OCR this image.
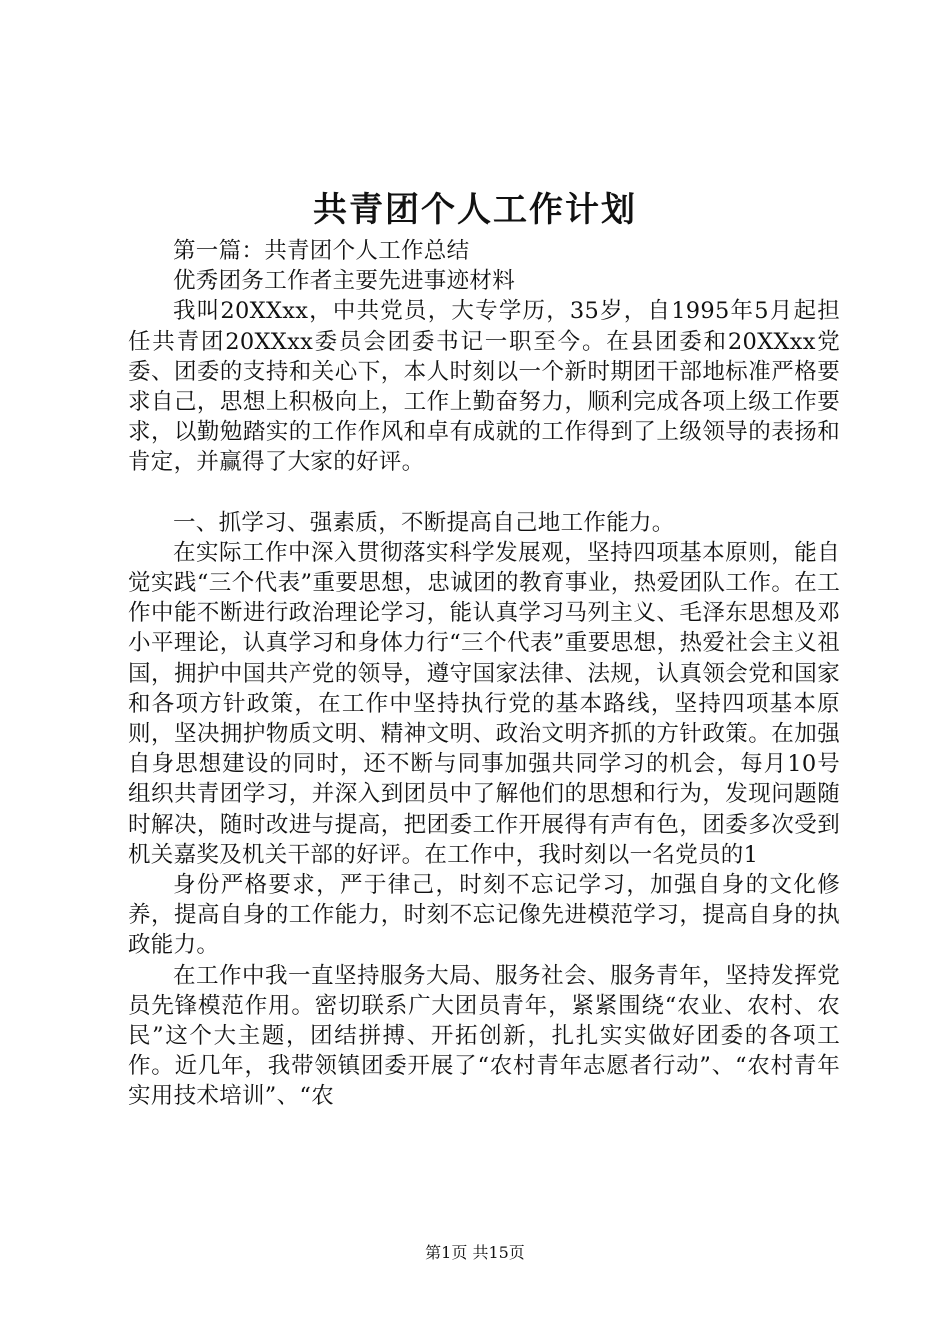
共青团个人工作计划

第一篇：共青团个人工作总结

优秀团务工作者主要先进事迹材料

我叫20XXxx，中共党员，大专学历，35岁，自1995年5月起担任共青团20XXxx委员会团委书记一职至今。在县团委和20XXxx党委、团委的支持和关心下，本人时刻以一个新时期团干部地标准严格要求自己，思想上积极向上，工作上勤奋努力，顺利完成各项上级工作要求，以勤勉踏实的工作作风和卓有成就的工作得到了上级领导的表扬和肯定，并赢得了大家的好评。

一、抓学习、强素质，不断提高自己地工作能力。

在实际工作中深入贯彻落实科学发展观，坚持四项基本原则，能自觉实践“三个代表”重要思想，忠诚团的教育事业，热爱团队工作。在工作中能不断进行政治理论学习，能认真学习马列主义、毛泽东思想及邓小平理论，认真学习和身体力行“三个代表”重要思想，热爱社会主义祖国，拥护中国共产党的领导，遵守国家法律、法规，认真领会党和国家和各项方针政策，在工作中坚持执行党的基本路线，坚持四项基本原则，坚决拥护物质文明、精神文明、政治文明齐抓的方针政策。在加强自身思想建设的同时，还不断与同事加强共同学习的机会，每月10号组织共青团学习，并深入到团员中了解他们的思想和行为，发现问题随时解决，随时改进与提高，把团委工作开展得有声有色，团委多次受到机关嘉奖及机关干部的好评。在工作中，我时刻以一名党员的1

身份严格要求，严于律己，时刻不忘记学习，加强自身的文化修养，提高自身的工作能力，时刻不忘记像先进模范学习，提高自身的执政能力。

在工作中我一直坚持服务大局、服务社会、服务青年，坚持发挥党员先锋模范作用。密切联系广大团员青年，紧紧围绕“农业、农村、农民”这个大主题，团结拼搏、开拓创新，扎扎实实做好团委的各项工作。近几年，我带领镇团委开展了“农村青年志愿者行动”、“农村青年实用技术培训”、“农

第1页 共15页
